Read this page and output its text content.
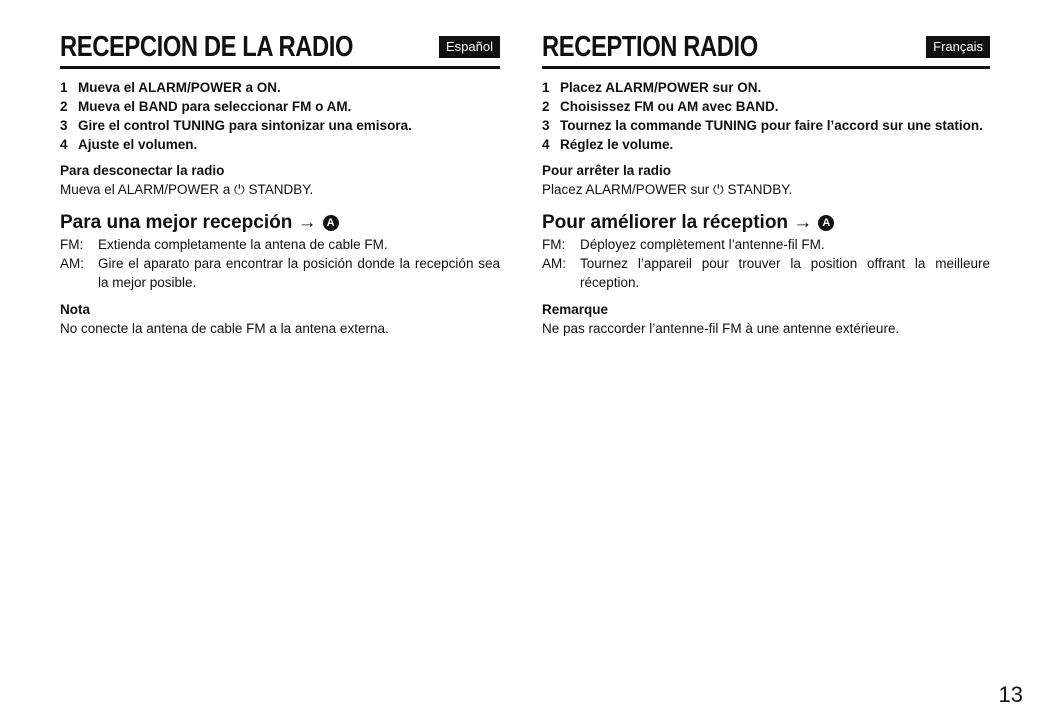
RECEPCION DE LA RADIO	Español
1 Mueva el ALARM/POWER a ON.
2 Mueva el BAND para seleccionar FM o AM.
3 Gire el control TUNING para sintonizar una emisora.
4 Ajuste el volumen.
Para desconectar la radio
Mueva el ALARM/POWER a ⏻ STANDBY.
Para una mejor recepción → A
FM:	Extienda completamente la antena de cable FM.
AM:	Gire el aparato para encontrar la posición donde la recepción sea la mejor posible.
Nota
No conecte la antena de cable FM a la antena externa.
RECEPTION RADIO	Français
1 Placez ALARM/POWER sur ON.
2 Choisissez FM ou AM avec BAND.
3 Tournez la commande TUNING pour faire l’accord sur une station.
4 Réglez le volume.
Pour arrêter la radio
Placez ALARM/POWER sur ⏻ STANDBY.
Pour améliorer la réception → A
FM:	Déployez complètement l’antenne-fil FM.
AM:	Tournez l’appareil pour trouver la position offrant la meilleure réception.
Remarque
Ne pas raccorder l’antenne-fil FM à une antenne extérieure.
13
